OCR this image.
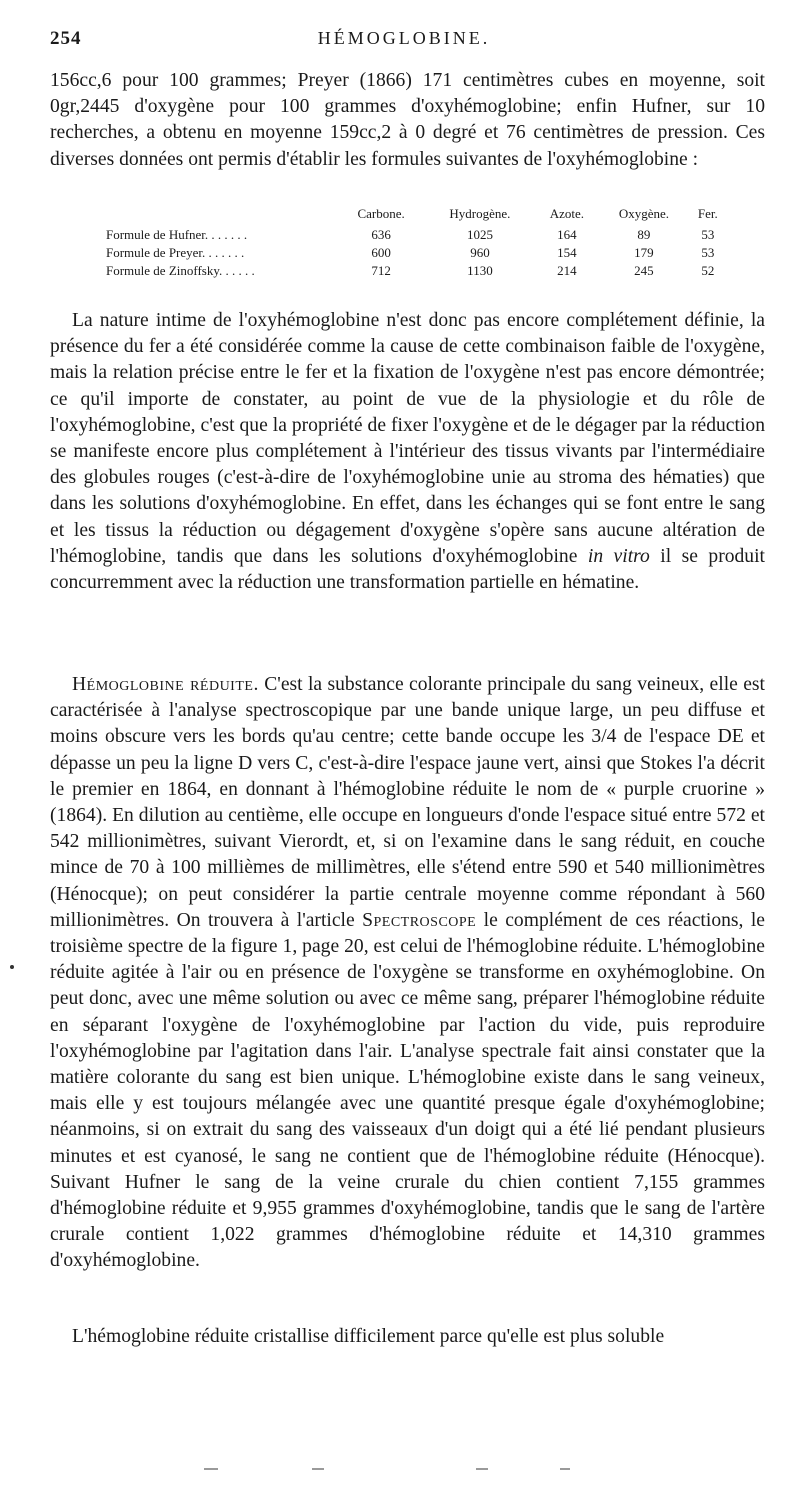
254	HÉMOGLOBINE.

156cc,6 pour 100 grammes; Preyer (1866) 171 centimètres cubes en moyenne, soit 0gr,2445 d'oxygène pour 100 grammes d'oxyhémoglobine; enfin Hufner, sur 10 recherches, a obtenu en moyenne 159cc,2 à 0 degré et 76 centimètres de pression. Ces diverses données ont permis d'établir les formules suivantes de l'oxyhémoglobine :

	Carbone.	Hydrogène.	Azote.	Oxygène.	Fer.
Formule de Hufner. . . . . . .	636	1025	164	89	53
Formule de Preyer. . . . . . .	600	960	154	179	53
Formule de Zinoffsky. . . . . .	712	1130	214	245	52

La nature intime de l'oxyhémoglobine n'est donc pas encore complétement définie, la présence du fer a été considérée comme la cause de cette combinaison faible de l'oxygène, mais la relation précise entre le fer et la fixation de l'oxygène n'est pas encore démontrée; ce qu'il importe de constater, au point de vue de la physiologie et du rôle de l'oxyhémoglobine, c'est que la propriété de fixer l'oxygène et de le dégager par la réduction se manifeste encore plus complétement à l'intérieur des tissus vivants par l'intermédiaire des globules rouges (c'est-à-dire de l'oxyhémoglobine unie au stroma des hématies) que dans les solutions d'oxyhémoglobine. En effet, dans les échanges qui se font entre le sang et les tissus la réduction ou dégagement d'oxygène s'opère sans aucune altération de l'hémoglobine, tandis que dans les solutions d'oxyhémoglobine in vitro il se produit concurremment avec la réduction une transformation partielle en hématine.

Hémoglobine réduite. C'est la substance colorante principale du sang veineux, elle est caractérisée à l'analyse spectroscopique par une bande unique large, un peu diffuse et moins obscure vers les bords qu'au centre; cette bande occupe les 3/4 de l'espace DE et dépasse un peu la ligne D vers C, c'est-à-dire l'espace jaune vert, ainsi que Stokes l'a décrit le premier en 1864, en donnant à l'hémoglobine réduite le nom de « purple cruorine » (1864). En dilution au centième, elle occupe en longueurs d'onde l'espace situé entre 572 et 542 millionimètres, suivant Vierordt, et, si on l'examine dans le sang réduit, en couche mince de 70 à 100 millièmes de millimètres, elle s'étend entre 590 et 540 millionimètres (Hénocque); on peut considérer la partie centrale moyenne comme répondant à 560 millionimètres. On trouvera à l'article Spectroscope le complément de ces réactions, le troisième spectre de la figure 1, page 20, est celui de l'hémoglobine réduite. L'hémoglobine réduite agitée à l'air ou en présence de l'oxygène se transforme en oxyhémoglobine. On peut donc, avec une même solution ou avec ce même sang, préparer l'hémoglobine réduite en séparant l'oxygène de l'oxyhémoglobine par l'action du vide, puis reproduire l'oxyhémoglobine par l'agitation dans l'air. L'analyse spectrale fait ainsi constater que la matière colorante du sang est bien unique. L'hémoglobine existe dans le sang veineux, mais elle y est toujours mélangée avec une quantité presque égale d'oxyhémoglobine; néanmoins, si on extrait du sang des vaisseaux d'un doigt qui a été lié pendant plusieurs minutes et est cyanosé, le sang ne contient que de l'hémoglobine réduite (Hénocque). Suivant Hufner le sang de la veine crurale du chien contient 7,155 grammes d'hémoglobine réduite et 9,955 grammes d'oxyhémoglobine, tandis que le sang de l'artère crurale contient 1,022 grammes d'hémoglobine réduite et 14,310 grammes d'oxyhémoglobine.

L'hémoglobine réduite cristallise difficilement parce qu'elle est plus soluble
